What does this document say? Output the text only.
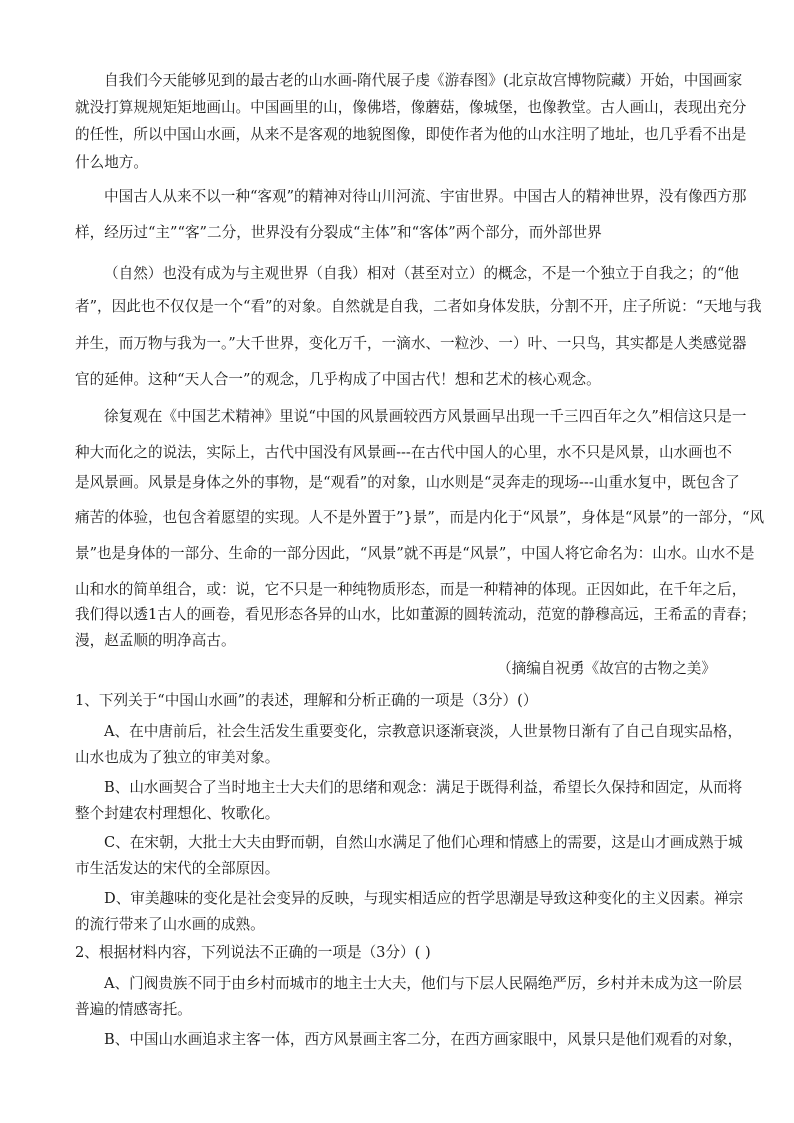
自我们今天能够见到的最古老的山水画-隋代展子虔《游春图》(北京故宫博物院藏）开始，中国画家
就没打算规规矩矩地画山。中国画里的山，像佛塔，像蘑菇，像城堡，也像教堂。古人画山，表现出充分
的任性，所以中国山水画，从来不是客观的地貌图像，即使作者为他的山水注明了地址，也几乎看不出是
什么地方。
中国古人从来不以一种“客观”的精神对待山川河流、宇宙世界。中国古人的精神世界，没有像西方那
样，经历过“主”“客”二分，世界没有分裂成“主体”和“客体”两个部分，而外部世界
（自然）也没有成为与主观世界（自我）相对（甚至对立）的概念，不是一个独立于自我之；的“他
者”，因此也不仅仅是一个“看”的对象。自然就是自我，二者如身体发肤，分割不开，庄子所说：“天地与我
并生，而万物与我为一。”大千世界，变化万千，一滴水、一粒沙、一）叶、一只鸟，其实都是人类感觉器
官的延伸。这种“天人合一”的观念，几乎构成了中国古代！想和艺术的核心观念。
徐复观在《中国艺术精神》里说“中国的风景画较西方风景画早出现一千三四百年之久”相信这只是一
种大而化之的说法，实际上，古代中国没有风景画---在古代中国人的心里，水不只是风景，山水画也不
是风景画。风景是身体之外的事物，是“观看”的对象，山水则是“灵奔走的现场---山重水复中，既包含了
痛苦的体验，也包含着愿望的实现。人不是外置于”}景”，而是内化于“风景”，身体是“风景”的一部分，“风
景”也是身体的一部分、生命的一部分因此，“风景”就不再是“风景”，中国人将它命名为：山水。山水不是
山和水的简单组合，或：说，它不只是一种纯物质形态，而是一种精神的体现。正因如此，在千年之后，
我们得以透1古人的画卷，看见形态各异的山水，比如董源的圆转流动，范宽的静穆高远，王希孟的青春；
漫，赵孟顺的明净高古。
（摘编自祝勇《故宫的古物之美》
1、下列关于“中国山水画”的表述，理解和分析正确的一项是（3分）(）
A、在中唐前后，社会生活发生重要变化，宗教意识逐渐衰淡，人世景物日渐有了自己自现实品格，
山水也成为了独立的审美对象。
B、山水画契合了当时地主士大夫们的思绪和观念：满足于既得利益，希望长久保持和固定，从而将
整个封建农村理想化、牧歌化。
C、在宋朝，大批士大夫由野而朝，自然山水满足了他们心理和情感上的需要，这是山才画成熟于城
市生活发达的宋代的全部原因。
D、审美趣味的变化是社会变异的反映，与现实相适应的哲学思潮是导致这种变化的主义因素。禅宗
的流行带来了山水画的成熟。
2、根据材料内容，下列说法不正确的一项是（3分）( )
A、门阀贵族不同于由乡村而城市的地主士大夫，他们与下层人民隔绝严厉，乡村并未成为这一阶层
普遍的情感寄托。
B、中国山水画追求主客一体，西方风景画主客二分，在西方画家眼中，风景只是他们观看的对象，
